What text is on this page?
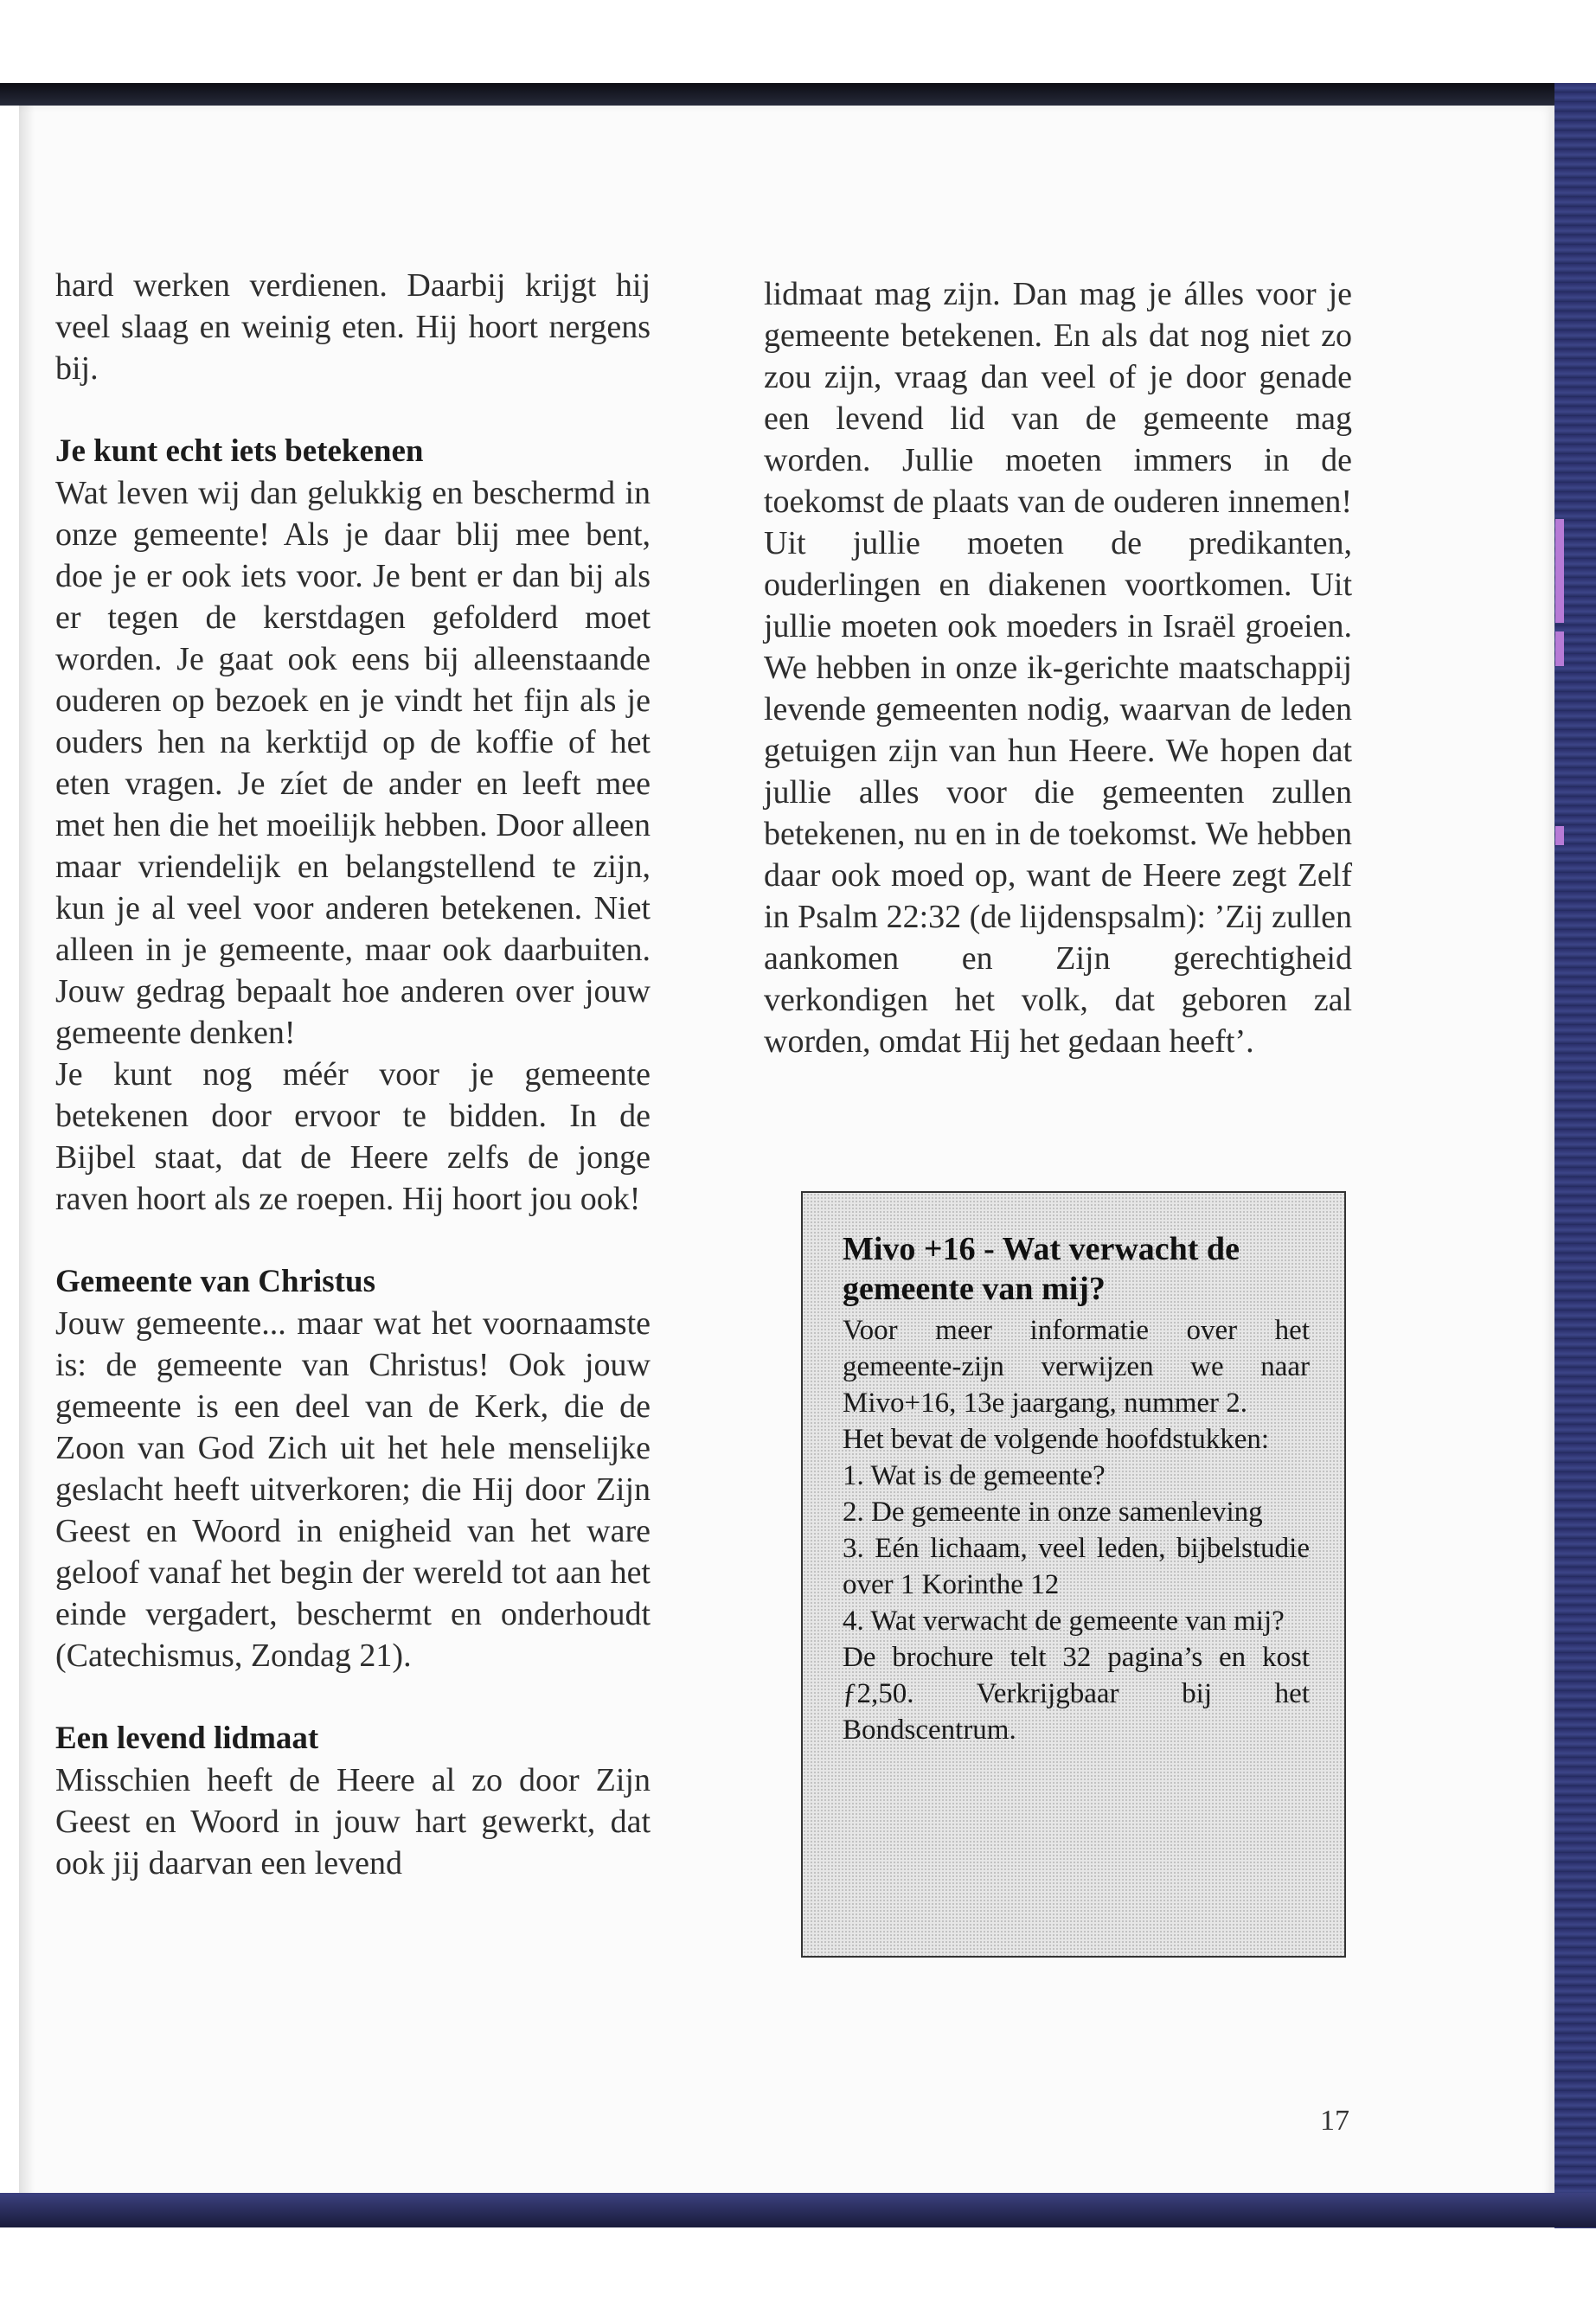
hard werken verdienen. Daarbij krijgt hij veel slaag en weinig eten. Hij hoort nergens bij.

Je kunt echt iets betekenen

Wat leven wij dan gelukkig en beschermd in onze gemeente! Als je daar blij mee bent, doe je er ook iets voor. Je bent er dan bij als er tegen de kerstdagen gefolderd moet worden. Je gaat ook eens bij alleenstaande ouderen op bezoek en je vindt het fijn als je ouders hen na kerktijd op de koffie of het eten vragen. Je zíet de ander en leeft mee met hen die het moeilijk hebben. Door alleen maar vriendelijk en belangstellend te zijn, kun je al veel voor anderen betekenen. Niet alleen in je gemeente, maar ook daarbuiten. Jouw gedrag bepaalt hoe anderen over jouw gemeente denken!

Je kunt nog méér voor je gemeente betekenen door ervoor te bidden. In de Bijbel staat, dat de Heere zelfs de jonge raven hoort als ze roepen. Hij hoort jou ook!

Gemeente van Christus

Jouw gemeente... maar wat het voornaamste is: de gemeente van Christus! Ook jouw gemeente is een deel van de Kerk, die de Zoon van God Zich uit het hele menselijke geslacht heeft uitverkoren; die Hij door Zijn Geest en Woord in enigheid van het ware geloof vanaf het begin der wereld tot aan het einde vergadert, beschermt en onderhoudt (Catechismus, Zondag 21).

Een levend lidmaat

Misschien heeft de Heere al zo door Zijn Geest en Woord in jouw hart gewerkt, dat ook jij daarvan een levend

lidmaat mag zijn. Dan mag je álles voor je gemeente betekenen. En als dat nog niet zo zou zijn, vraag dan veel of je door genade een levend lid van de gemeente mag worden. Jullie moeten immers in de toekomst de plaats van de ouderen innemen! Uit jullie moeten de predikanten, ouderlingen en diakenen voortkomen. Uit jullie moeten ook moeders in Israël groeien. We hebben in onze ik-gerichte maatschappij levende gemeenten nodig, waarvan de leden getuigen zijn van hun Heere. We hopen dat jullie alles voor die gemeenten zullen betekenen, nu en in de toekomst. We hebben daar ook moed op, want de Heere zegt Zelf in Psalm 22:32 (de lijdenspsalm): ’Zij zullen aankomen en Zijn gerechtigheid verkondigen het volk, dat geboren zal worden, omdat Hij het gedaan heeft’.

Mivo +16 - Wat verwacht de gemeente van mij?

Voor meer informatie over het gemeente-zijn verwijzen we naar Mivo+16, 13e jaargang, nummer 2.

Het bevat de volgende hoofdstukken:

1. Wat is de gemeente?
2. De gemeente in onze samenleving
3. Eén lichaam, veel leden, bijbelstudie over 1 Korinthe 12
4. Wat verwacht de gemeente van mij?

De brochure telt 32 pagina’s en kost ƒ2,50. Verkrijgbaar bij het Bondscentrum.

17
